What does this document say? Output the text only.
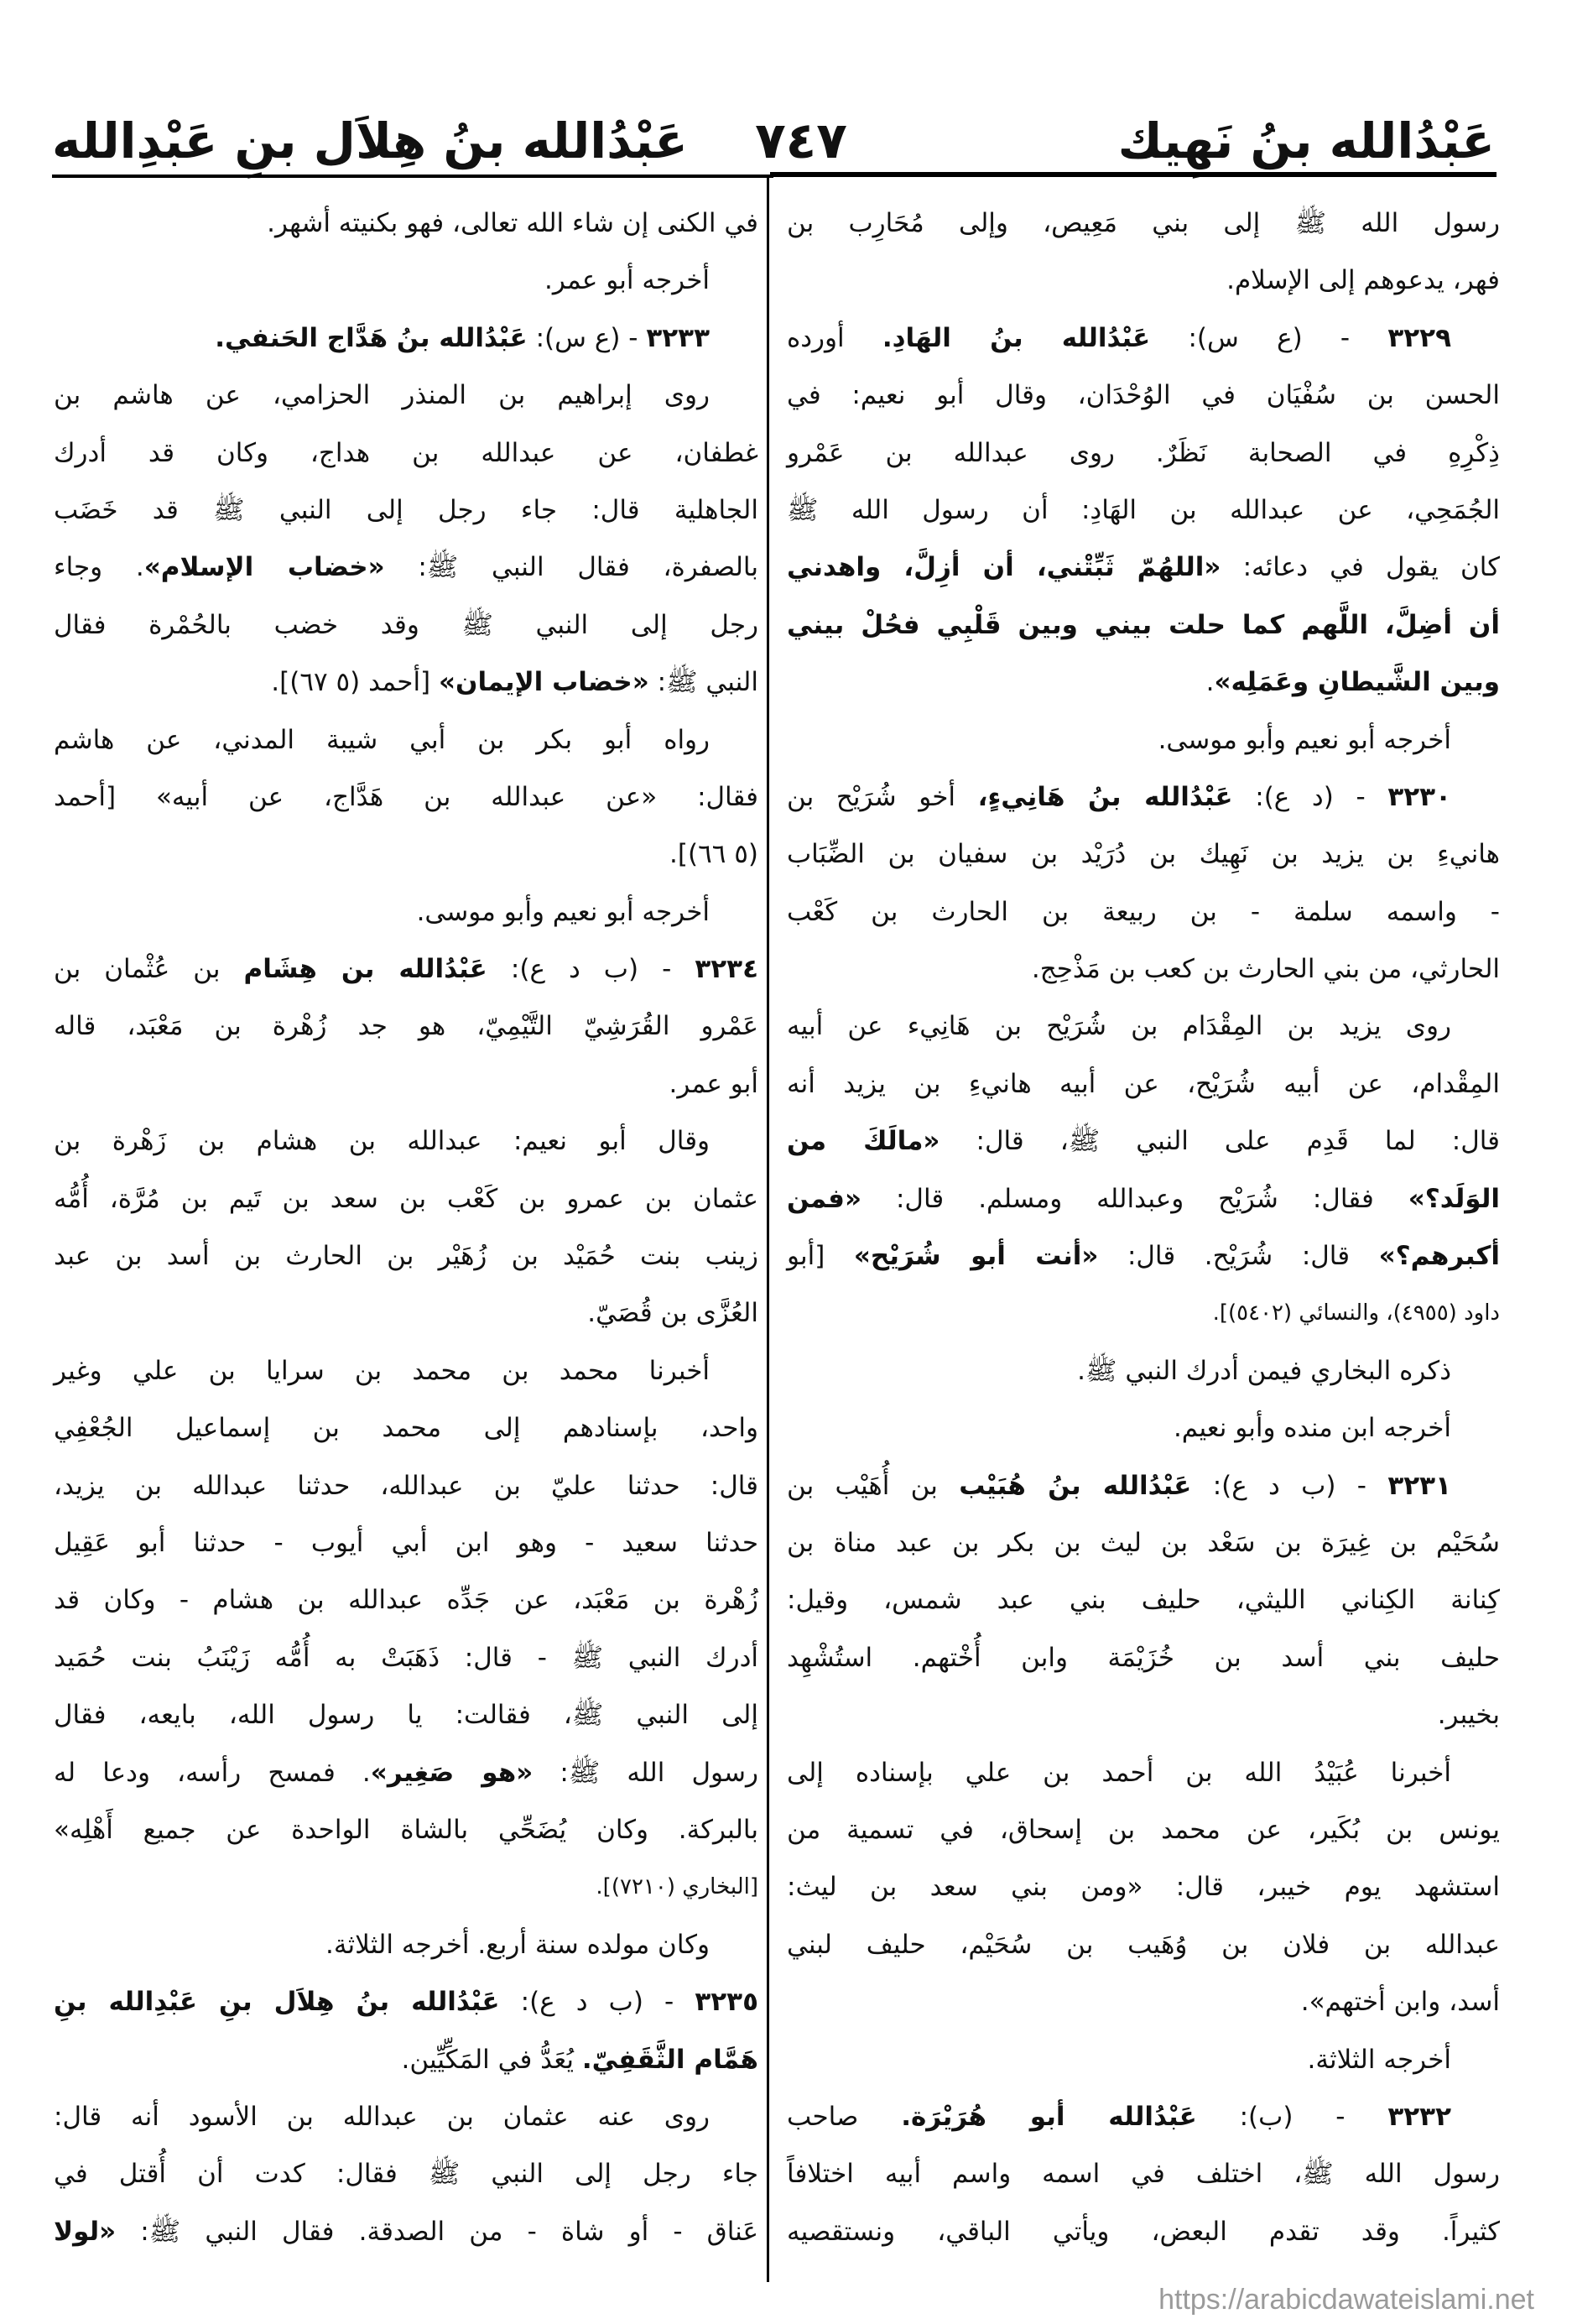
عَبْدُالله بنُ نَهِيك
٧٤٧
عَبْدُالله بنُ هِلاَل بنِ عَبْدِالله
رسول الله ﷺ إلى بني مَعِيص، وإلى مُحَارِب بن
فهر، يدعوهم إلى الإسلام.
٣٢٢٩ - (ع س): عَبْدُالله بنُ الهَادِ. أورده
الحسن بن سُفْيَان في الوُحْدَان، وقال أبو نعيم: في
ذِكْرِهِ في الصحابة نَظَرٌ. روى عبدالله بن عَمْرو
الجُمَحِي، عن عبدالله بن الهَادِ: أن رسول الله ﷺ
كان يقول في دعائه: «اللهُمّ ثَبِّتْني، أن أزِلَّ، واهدني
أن أضِلَّ، اللَّهم كما حلت بيني وبين قَلْبِي فحُلْ بيني
وبين الشَّيطانِ وعَمَلِه».
أخرجه أبو نعيم وأبو موسى.
٣٢٣٠ - (د ع): عَبْدُالله بنُ هَانِيءٍ، أخو شُرَيْح بن
هانيءِ بن يزيد بن نَهِيك بن دُرَيْد بن سفيان بن الضِّبَاب
- واسمه سلمة - بن ربيعة بن الحارث بن كَعْب
الحارثي، من بني الحارث بن كعب بن مَذْحِج.
روى يزيد بن المِقْدَام بن شُرَيْح بن هَانِيء عن أبيه
المِقْدام، عن أبيه شُرَيْح، عن أبيه هانيءِ بن يزيد أنه
قال: لما قَدِم على النبي ﷺ، قال: «مالَكَ من
الوَلَد؟» فقال: شُرَيْح وعبدالله ومسلم. قال: «فمن
أكبرهم؟» قال: شُرَيْح. قال: «أنت أبو شُرَيْح» [أبو
داود (٤٩٥٥)، والنسائي (٥٤٠٢)].
ذكره البخاري فيمن أدرك النبي ﷺ.
أخرجه ابن منده وأبو نعيم.
٣٢٣١ - (ب د ع): عَبْدُالله بنُ هُبَيْب بن أُهَيْب بن
سُحَيْم بن غِيرَة بن سَعْد بن ليث بن بكر بن عبد مناة بن
كِنانة الكِناني الليثي، حليف بني عبد شمس، وقيل:
حليف بني أسد بن خُزَيْمَة وابن أُخْتهم. استُشْهِد
بخيبر.
أخبرنا عُبَيْدُ الله بن أحمد بن علي بإسناده إلى
يونس بن بُكَير، عن محمد بن إسحاق، في تسمية من
استشهد يوم خيبر، قال: «ومن بني سعد بن ليث:
عبدالله بن فلان بن وُهَيب بن سُحَيْم، حليف لبني
أسد، وابن أختهم».
أخرجه الثلاثة.
٣٢٣٢ - (ب): عَبْدُالله أبو هُرَيْرَة. صاحب
رسول الله ﷺ، اختلف في اسمه واسم أبيه اختلافاً
كثيراً. وقد تقدم البعض، ويأتي الباقي، ونستقصيه
في الكنى إن شاء الله تعالى، فهو بكنيته أشهر.
أخرجه أبو عمر.
٣٢٣٣ - (ع س): عَبْدُالله بنُ هَدَّاج الحَنفي.
روى إبراهيم بن المنذر الحزامي، عن هاشم بن
غطفان، عن عبدالله بن هداج، وكان قد أدرك
الجاهلية قال: جاء رجل إلى النبي ﷺ قد خَضَب
بالصفرة، فقال النبي ﷺ: «خضاب الإسلام». وجاء
رجل إلى النبي ﷺ وقد خضب بالحُمْرة فقال
النبي ﷺ: «خضاب الإيمان» [أحمد (٥ ٦٧)].
رواه أبو بكر بن أبي شيبة المدني، عن هاشم
فقال: «عن عبدالله بن هَدَّاج، عن أبيه» [أحمد
(٥ ٦٦)].
أخرجه أبو نعيم وأبو موسى.
٣٢٣٤ - (ب د ع): عَبْدُالله بن هِشَام بن عُثْمان بن
عَمْرو القُرَشِيّ التَّيْمِيّ، هو جد زُهْرة بن مَعْبَد، قاله
أبو عمر.
وقال أبو نعيم: عبدالله بن هشام بن زَهْرة بن
عثمان بن عمرو بن كَعْب بن سعد بن تَيم بن مُرَّة، أُمُّه
زينب بنت حُمَيْد بن زُهَيْر بن الحارث بن أسد بن عبد
العُزَّى بن قُصَيّ.
أخبرنا محمد بن محمد بن سرايا بن علي وغير
واحد، بإسنادهم إلى محمد بن إسماعيل الجُعْفِي
قال: حدثنا عليّ بن عبدالله، حدثنا عبدالله بن يزيد،
حدثنا سعيد - وهو ابن أبي أيوب - حدثنا أبو عَقِيل
زُهْرة بن مَعْبَد، عن جَدِّه عبدالله بن هشام - وكان قد
أدرك النبي ﷺ - قال: ذَهَبَتْ به أُمُّه زَيْنَبُ بنت حُمَيد
إلى النبي ﷺ، فقالت: يا رسول الله، بايعه، فقال
رسول الله ﷺ: «هو صَغِير». فمسح رأسه، ودعا له
بالبركة. وكان يُضَحِّي بالشاة الواحدة عن جميع أَهْلِه»
[البخاري (٧٢١٠)].
وكان مولده سنة أربع. أخرجه الثلاثة.
٣٢٣٥ - (ب د ع): عَبْدُالله بنُ هِلاَل بنِ عَبْدِالله بنِ
هَمَّام الثَّقَفِيّ. يُعَدُّ في المَكِّيِّين.
روى عنه عثمان بن عبدالله بن الأسود أنه قال:
جاء رجل إلى النبي ﷺ فقال: كدت أن أُقتل في
عَناق - أو شاة - من الصدقة. فقال النبي ﷺ: «لولا
https://arabicdawateislami.net
